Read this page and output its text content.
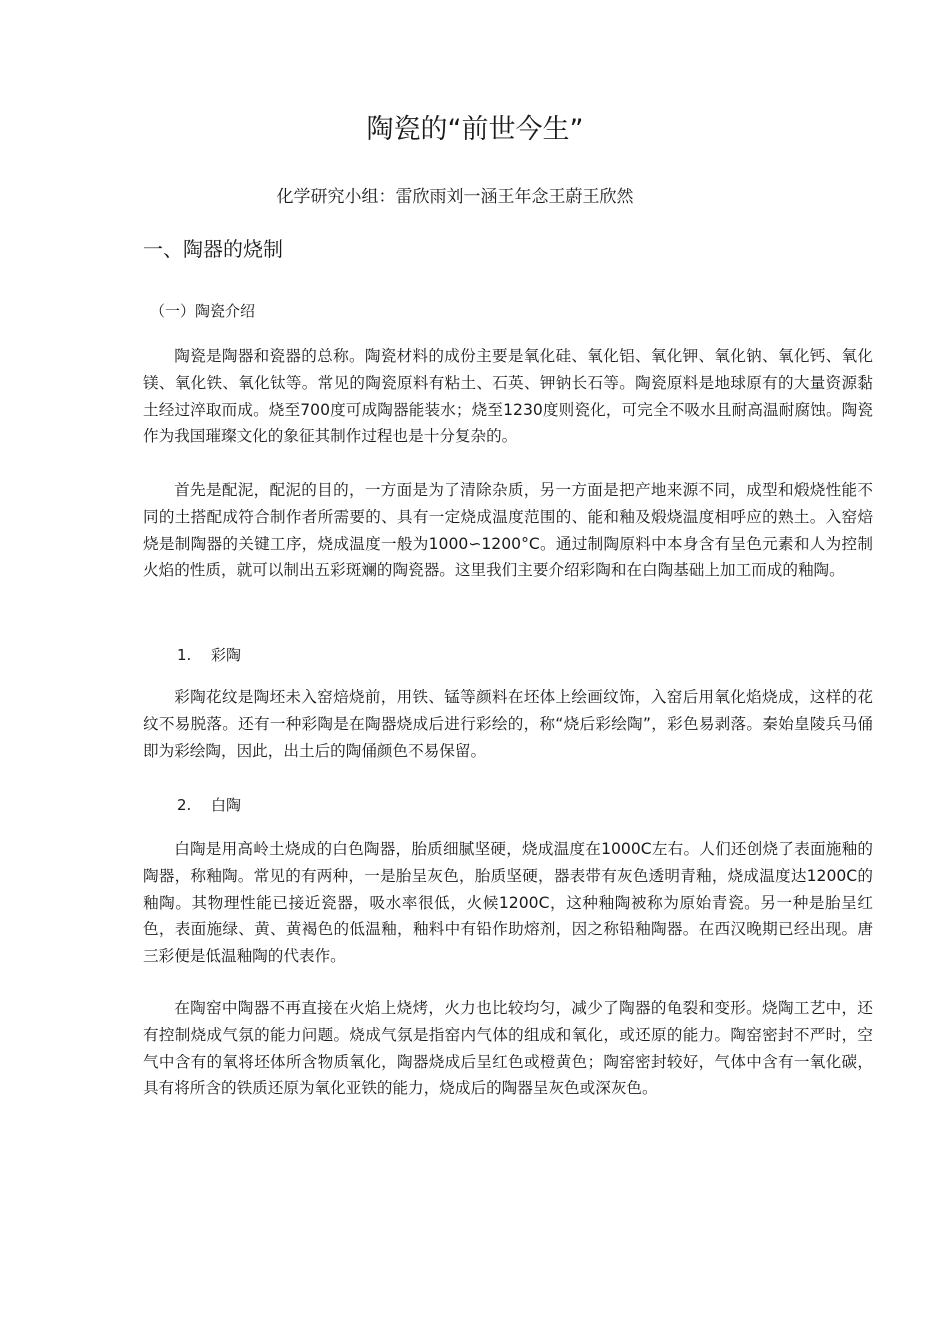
陶瓷的“前世今生”

化学研究小组：雷欣雨刘一涵王年念王蔚王欣然

一、陶器的烧制

（一）陶瓷介绍

陶瓷是陶器和瓷器的总称。陶瓷材料的成份主要是氧化硅、氧化铝、氧化钾、氧化钠、氧化钙、氧化镁、氧化铁、氧化钛等。常见的陶瓷原料有粘土、石英、钾钠长石等。陶瓷原料是地球原有的大量资源黏土经过淬取而成。烧至700度可成陶器能装水；烧至1230度则瓷化，可完全不吸水且耐高温耐腐蚀。陶瓷作为我国璀璨文化的象征其制作过程也是十分复杂的。

首先是配泥，配泥的目的，一方面是为了清除杂质，另一方面是把产地来源不同，成型和煅烧性能不同的土搭配成符合制作者所需要的、具有一定烧成温度范围的、能和釉及煅烧温度相呼应的熟土。入窑焙烧是制陶器的关键工序，烧成温度一般为1000∽1200°C。通过制陶原料中本身含有呈色元素和人为控制火焰的性质，就可以制出五彩斑斓的陶瓷器。这里我们主要介绍彩陶和在白陶基础上加工而成的釉陶。

1. 彩陶

彩陶花纹是陶坯未入窑焙烧前，用铁、锰等颜料在坯体上绘画纹饰，入窑后用氧化焰烧成，这样的花纹不易脱落。还有一种彩陶是在陶器烧成后进行彩绘的，称“烧后彩绘陶”，彩色易剥落。秦始皇陵兵马俑即为彩绘陶，因此，出土后的陶俑颜色不易保留。

2. 白陶

白陶是用高岭土烧成的白色陶器，胎质细腻坚硬，烧成温度在1000C左右。人们还创烧了表面施釉的陶器，称釉陶。常见的有两种，一是胎呈灰色，胎质坚硬，器表带有灰色透明青釉，烧成温度达1200C的釉陶。其物理性能已接近瓷器，吸水率很低，火候1200C，这种釉陶被称为原始青瓷。另一种是胎呈红色，表面施绿、黄、黄褐色的低温釉，釉料中有铅作助熔剂，因之称铅釉陶器。在西汉晚期已经出现。唐三彩便是低温釉陶的代表作。

在陶窑中陶器不再直接在火焰上烧烤，火力也比较均匀，减少了陶器的龟裂和变形。烧陶工艺中，还有控制烧成气氛的能力问题。烧成气氛是指窑内气体的组成和氧化，或还原的能力。陶窑密封不严时，空气中含有的氧将坯体所含物质氧化，陶器烧成后呈红色或橙黄色；陶窑密封较好，气体中含有一氧化碳，具有将所含的铁质还原为氧化亚铁的能力，烧成后的陶器呈灰色或深灰色。
